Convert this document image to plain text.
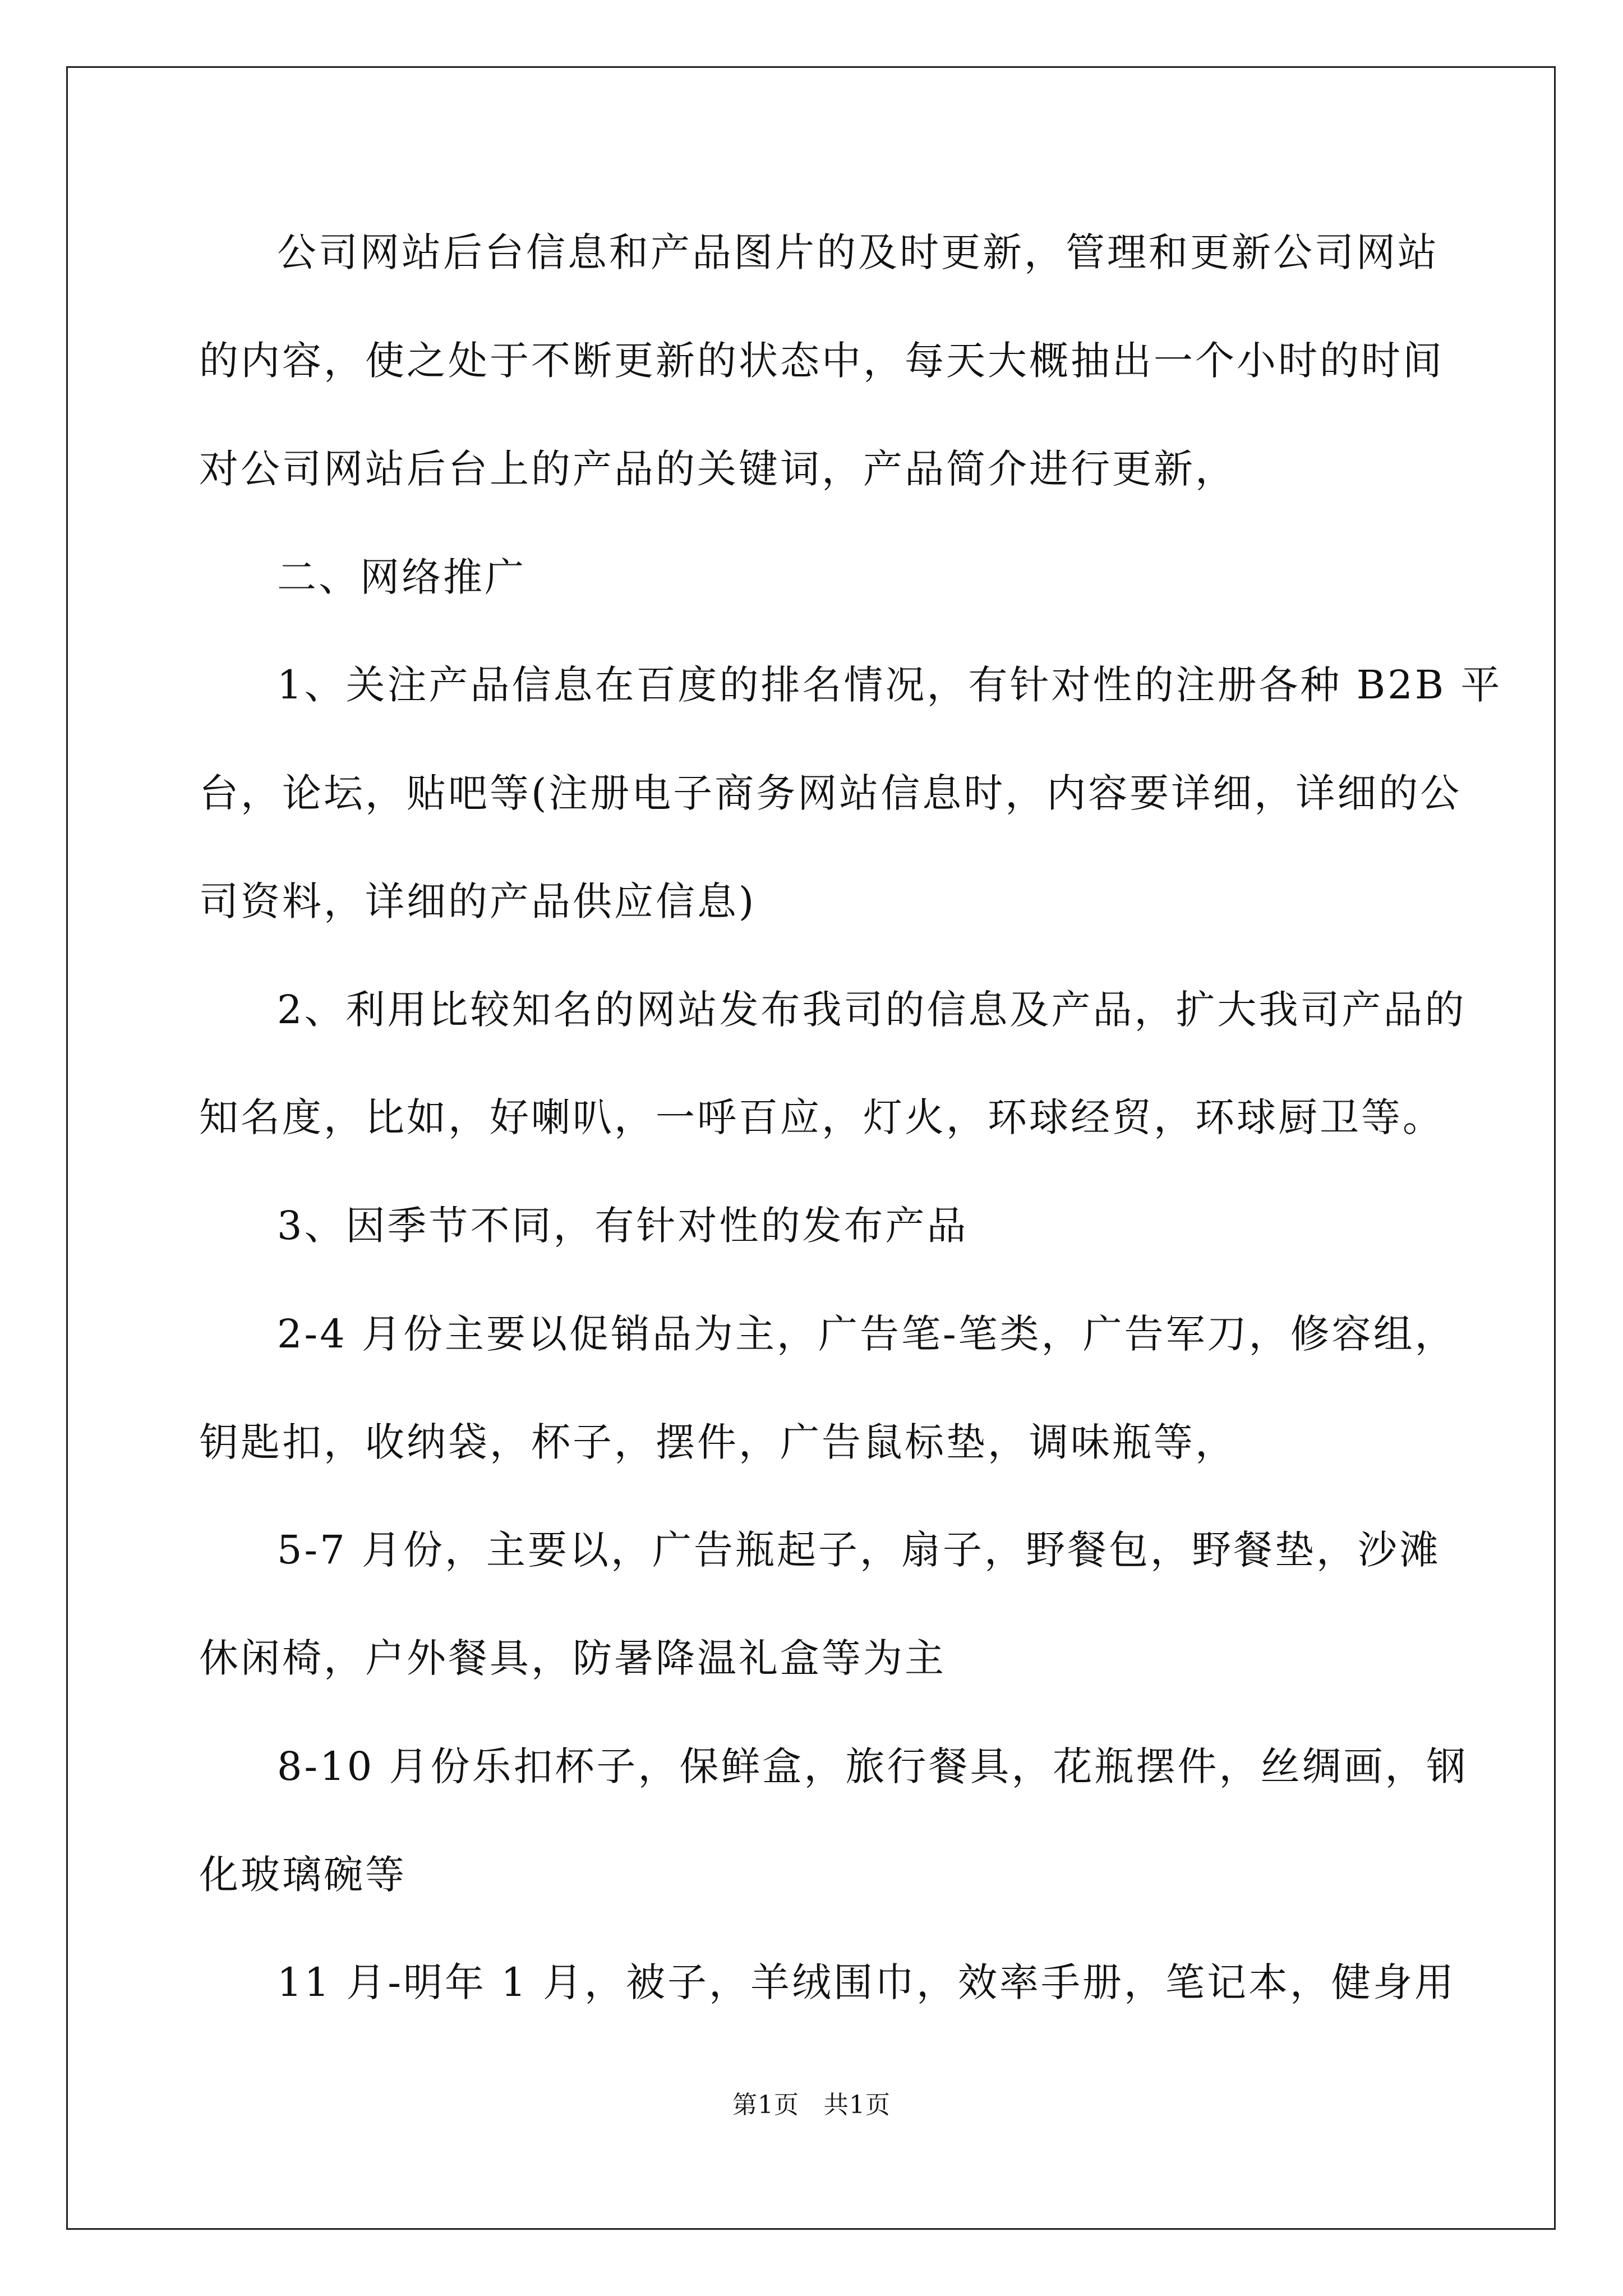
公司网站后台信息和产品图片的及时更新，管理和更新公司网站
的内容，使之处于不断更新的状态中，每天大概抽出一个小时的时间
对公司网站后台上的产品的关键词，产品简介进行更新，
二、网络推广
1、关注产品信息在百度的排名情况，有针对性的注册各种 B2B 平
台，论坛，贴吧等(注册电子商务网站信息时，内容要详细，详细的公
司资料，详细的产品供应信息)
2、利用比较知名的网站发布我司的信息及产品，扩大我司产品的
知名度，比如，好喇叭，一呼百应，灯火，环球经贸，环球厨卫等。
3、因季节不同，有针对性的发布产品
2-4 月份主要以促销品为主，广告笔-笔类，广告军刀，修容组，
钥匙扣，收纳袋，杯子，摆件，广告鼠标垫，调味瓶等，
5-7 月份，主要以，广告瓶起子，扇子，野餐包，野餐垫，沙滩
休闲椅，户外餐具，防暑降温礼盒等为主
8-10 月份乐扣杯子，保鲜盒，旅行餐具，花瓶摆件，丝绸画，钢
化玻璃碗等
11 月-明年 1 月，被子，羊绒围巾，效率手册，笔记本，健身用
第1页 共1页
